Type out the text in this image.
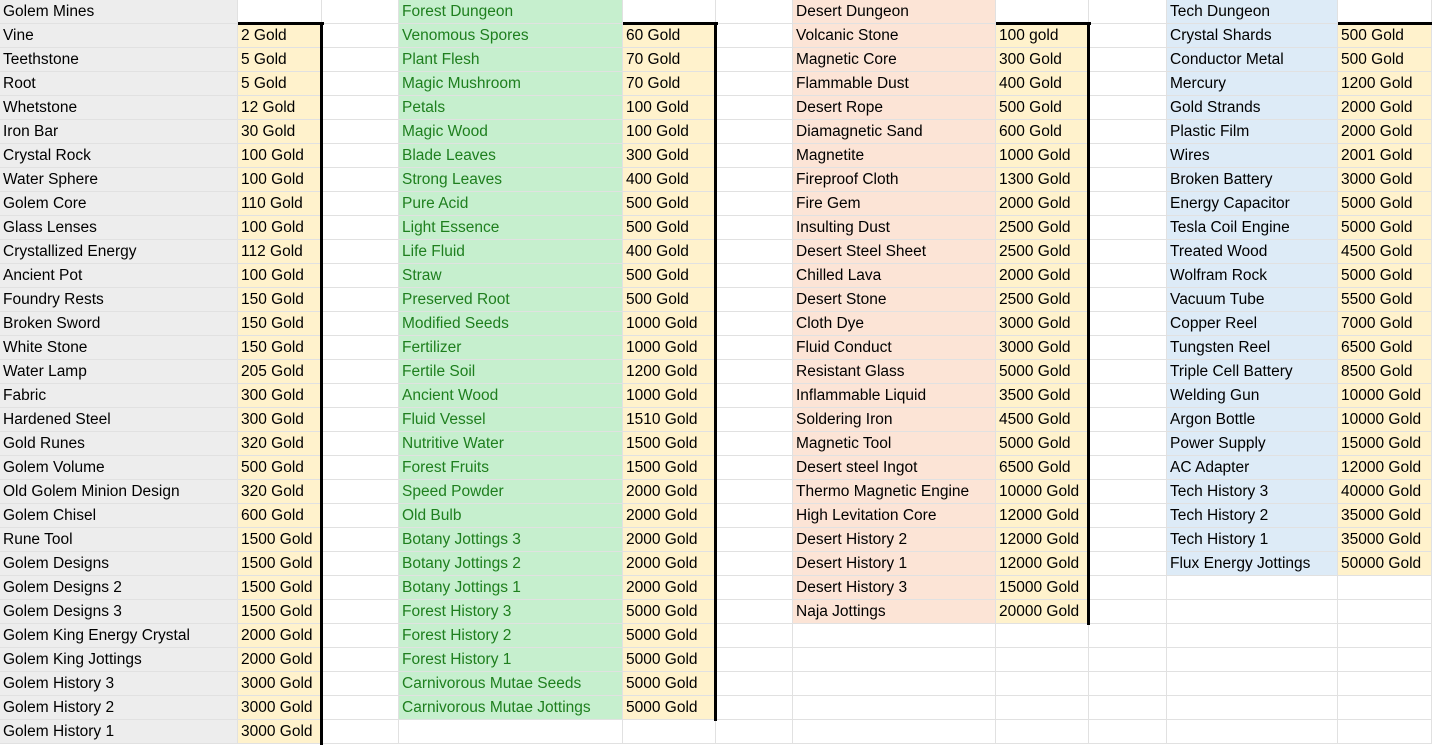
Golem Mines
Vine	2 Gold
Teethstone	5 Gold
Root	5 Gold
Whetstone	12 Gold
Iron Bar	30 Gold
Crystal Rock	100 Gold
Water Sphere	100 Gold
Golem Core	110 Gold
Glass Lenses	100 Gold
Crystallized Energy	112 Gold
Ancient Pot	100 Gold
Foundry Rests	150 Gold
Broken Sword	150 Gold
White Stone	150 Gold
Water Lamp	205 Gold
Fabric	300 Gold
Hardened Steel	300 Gold
Gold Runes	320 Gold
Golem Volume	500 Gold
Old Golem Minion Design	320 Gold
Golem Chisel	600 Gold
Rune Tool	1500 Gold
Golem Designs	1500 Gold
Golem Designs 2	1500 Gold
Golem Designs 3	1500 Gold
Golem King Energy Crystal	2000 Gold
Golem King Jottings	2000 Gold
Golem History 3	3000 Gold
Golem History 2	3000 Gold
Golem History 1	3000 Gold
Forest Dungeon
Venomous Spores	60 Gold
Plant Flesh	70 Gold
Magic Mushroom	70 Gold
Petals	100 Gold
Magic Wood	100 Gold
Blade Leaves	300 Gold
Strong Leaves	400 Gold
Pure Acid	500 Gold
Light Essence	500 Gold
Life Fluid	400 Gold
Straw	500 Gold
Preserved Root	500 Gold
Modified Seeds	1000 Gold
Fertilizer	1000 Gold
Fertile Soil	1200 Gold
Ancient Wood	1000 Gold
Fluid Vessel	1510 Gold
Nutritive Water	1500 Gold
Forest Fruits	1500 Gold
Speed Powder	2000 Gold
Old Bulb	2000 Gold
Botany Jottings 3	2000 Gold
Botany Jottings 2	2000 Gold
Botany Jottings 1	2000 Gold
Forest History 3	5000 Gold
Forest History 2	5000 Gold
Forest History 1	5000 Gold
Carnivorous Mutae Seeds	5000 Gold
Carnivorous Mutae Jottings	5000 Gold
Desert Dungeon
Volcanic Stone	100 gold
Magnetic Core	300 Gold
Flammable Dust	400 Gold
Desert Rope	500 Gold
Diamagnetic Sand	600 Gold
Magnetite	1000 Gold
Fireproof Cloth	1300 Gold
Fire Gem	2000 Gold
Insulting Dust	2500 Gold
Desert Steel Sheet	2500 Gold
Chilled Lava	2000 Gold
Desert Stone	2500 Gold
Cloth Dye	3000 Gold
Fluid Conduct	3000 Gold
Resistant Glass	5000 Gold
Inflammable Liquid	3500 Gold
Soldering Iron	4500 Gold
Magnetic Tool	5000 Gold
Desert steel Ingot	6500 Gold
Thermo Magnetic Engine	10000 Gold
High Levitation Core	12000 Gold
Desert History 2	12000 Gold
Desert History 1	12000 Gold
Desert History 3	15000 Gold
Naja Jottings	20000 Gold
Tech Dungeon
Crystal Shards	500 Gold
Conductor Metal	500 Gold
Mercury	1200 Gold
Gold Strands	2000 Gold
Plastic Film	2000 Gold
Wires	2001 Gold
Broken Battery	3000 Gold
Energy Capacitor	5000 Gold
Tesla Coil Engine	5000 Gold
Treated Wood	4500 Gold
Wolfram Rock	5000 Gold
Vacuum Tube	5500 Gold
Copper Reel	7000 Gold
Tungsten Reel	6500 Gold
Triple Cell Battery	8500 Gold
Welding Gun	10000 Gold
Argon Bottle	10000 Gold
Power Supply	15000 Gold
AC Adapter	12000 Gold
Tech History 3	40000 Gold
Tech History 2	35000 Gold
Tech History 1	35000 Gold
Flux Energy Jottings	50000 Gold
